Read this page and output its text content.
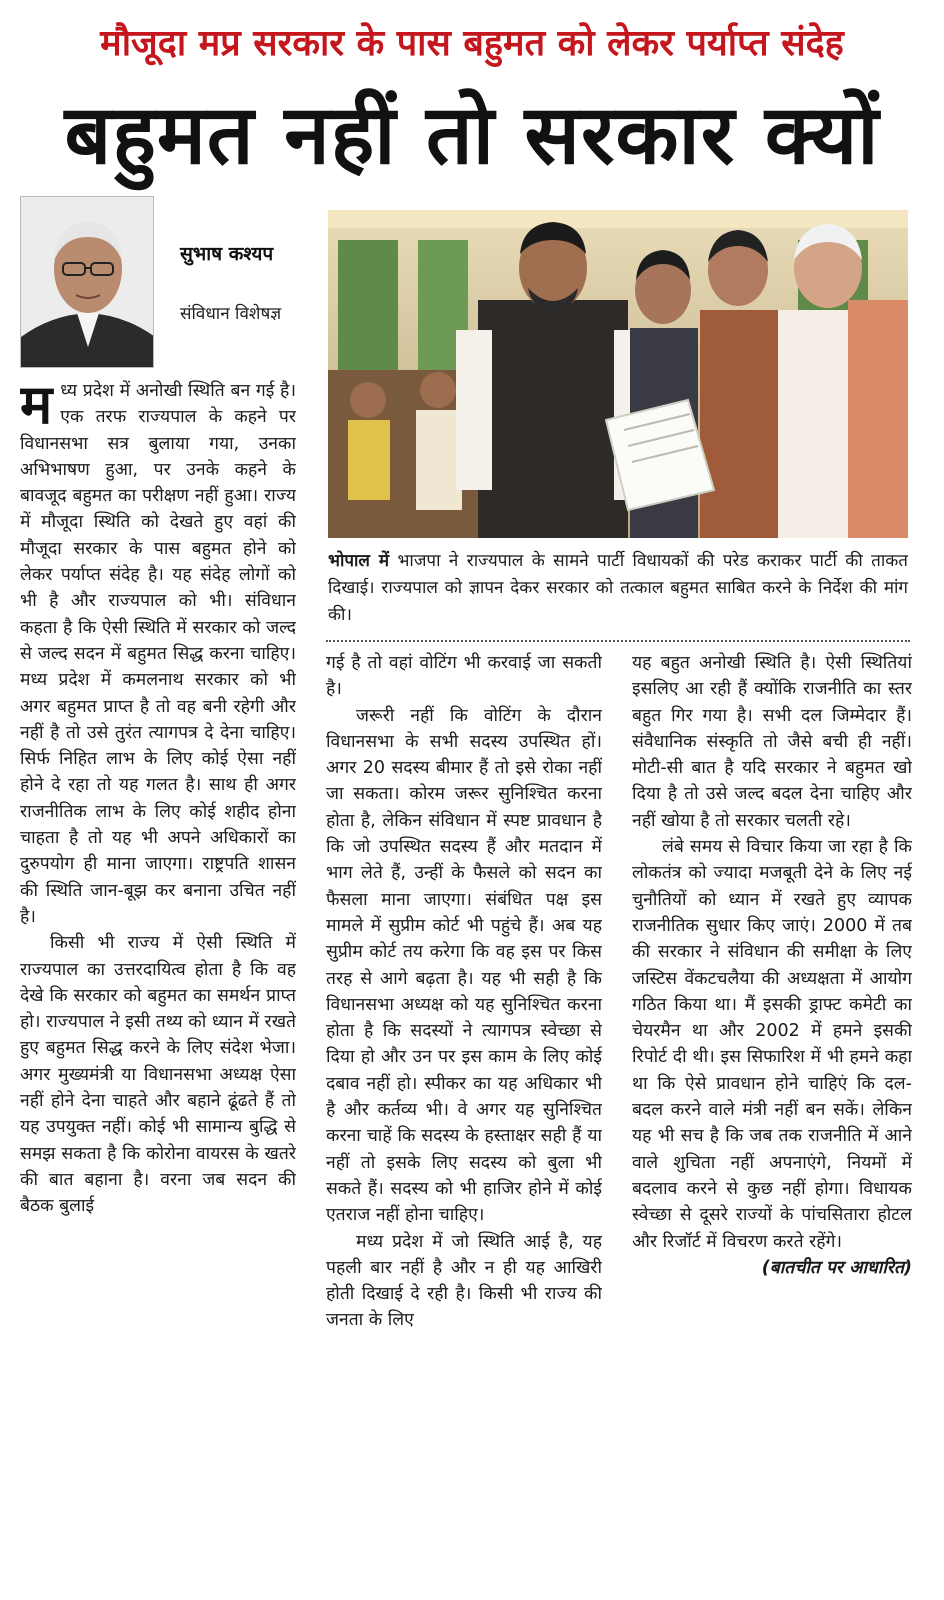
मौजूदा मप्र सरकार के पास बहुमत को लेकर पर्याप्त संदेह
बहुमत नहीं तो सरकार क्यों
सुभाष कश्यप
संविधान विशेषज्ञ
भोपाल में भाजपा ने राज्यपाल के सामने पार्टी विधायकों की परेड कराकर पार्टी की ताकत दिखाई। राज्यपाल को ज्ञापन देकर सरकार को तत्काल बहुमत साबित करने के निर्देश की मांग की।

म ध्य प्रदेश में अनोखी स्थिति बन गई है। एक तरफ राज्यपाल के कहने पर विधानसभा सत्र बुलाया गया, उनका अभिभाषण हुआ, पर उनके कहने के बावजूद बहुमत का परीक्षण नहीं हुआ। राज्य में मौजूदा स्थिति को देखते हुए वहां की मौजूदा सरकार के पास बहुमत होने को लेकर पर्याप्त संदेह है। यह संदेह लोगों को भी है और राज्यपाल को भी। संविधान कहता है कि ऐसी स्थिति में सरकार को जल्द से जल्द सदन में बहुमत सिद्ध करना चाहिए। मध्य प्रदेश में कमलनाथ सरकार को भी अगर बहुमत प्राप्त है तो वह बनी रहेगी और नहीं है तो उसे तुरंत त्यागपत्र दे देना चाहिए। सिर्फ निहित लाभ के लिए कोई ऐसा नहीं होने दे रहा तो यह गलत है। साथ ही अगर राजनीतिक लाभ के लिए कोई शहीद होना चाहता है तो यह भी अपने अधिकारों का दुरुपयोग ही माना जाएगा। राष्ट्रपति शासन की स्थिति जान-बूझ कर बनाना उचित नहीं है।

किसी भी राज्य में ऐसी स्थिति में राज्यपाल का उत्तरदायित्व होता है कि वह देखे कि सरकार को बहुमत का समर्थन प्राप्त हो। राज्यपाल ने इसी तथ्य को ध्यान में रखते हुए बहुमत सिद्ध करने के लिए संदेश भेजा। अगर मुख्यमंत्री या विधानसभा अध्यक्ष ऐसा नहीं होने देना चाहते और बहाने ढूंढते हैं तो यह उपयुक्त नहीं। कोई भी सामान्य बुद्धि से समझ सकता है कि कोरोना वायरस के खतरे की बात बहाना है। वरना जब सदन की बैठक बुलाई

गई है तो वहां वोटिंग भी करवाई जा सकती है।

जरूरी नहीं कि वोटिंग के दौरान विधानसभा के सभी सदस्य उपस्थित हों। अगर 20 सदस्य बीमार हैं तो इसे रोका नहीं जा सकता। कोरम जरूर सुनिश्चित करना होता है, लेकिन संविधान में स्पष्ट प्रावधान है कि जो उपस्थित सदस्य हैं और मतदान में भाग लेते हैं, उन्हीं के फैसले को सदन का फैसला माना जाएगा। संबंधित पक्ष इस मामले में सुप्रीम कोर्ट भी पहुंचे हैं। अब यह सुप्रीम कोर्ट तय करेगा कि वह इस पर किस तरह से आगे बढ़ता है। यह भी सही है कि विधानसभा अध्यक्ष को यह सुनिश्चित करना होता है कि सदस्यों ने त्यागपत्र स्वेच्छा से दिया हो और उन पर इस काम के लिए कोई दबाव नहीं हो। स्पीकर का यह अधिकार भी है और कर्तव्य भी। वे अगर यह सुनिश्चित करना चाहें कि सदस्य के हस्ताक्षर सही हैं या नहीं तो इसके लिए सदस्य को बुला भी सकते हैं। सदस्य को भी हाजिर होने में कोई एतराज नहीं होना चाहिए।

मध्य प्रदेश में जो स्थिति आई है, यह पहली बार नहीं है और न ही यह आखिरी होती दिखाई दे रही है। किसी भी राज्य की जनता के लिए

यह बहुत अनोखी स्थिति है। ऐसी स्थितियां इसलिए आ रही हैं क्योंकि राजनीति का स्तर बहुत गिर गया है। सभी दल जिम्मेदार हैं। संवैधानिक संस्कृति तो जैसे बची ही नहीं। मोटी-सी बात है यदि सरकार ने बहुमत खो दिया है तो उसे जल्द बदल देना चाहिए और नहीं खोया है तो सरकार चलती रहे।

लंबे समय से विचार किया जा रहा है कि लोकतंत्र को ज्यादा मजबूती देने के लिए नई चुनौतियों को ध्यान में रखते हुए व्यापक राजनीतिक सुधार किए जाएं। 2000 में तब की सरकार ने संविधान की समीक्षा के लिए जस्टिस वेंकटचलैया की अध्यक्षता में आयोग गठित किया था। मैं इसकी ड्राफ्ट कमेटी का चेयरमैन था और 2002 में हमने इसकी रिपोर्ट दी थी। इस सिफारिश में भी हमने कहा था कि ऐसे प्रावधान होने चाहिएं कि दल-बदल करने वाले मंत्री नहीं बन सकें। लेकिन यह भी सच है कि जब तक राजनीति में आने वाले शुचिता नहीं अपनाएंगे, नियमों में बदलाव करने से कुछ नहीं होगा। विधायक स्वेच्छा से दूसरे राज्यों के पांचसितारा होटल और रिजॉर्ट में विचरण करते रहेंगे।

(बातचीत पर आधारित)
